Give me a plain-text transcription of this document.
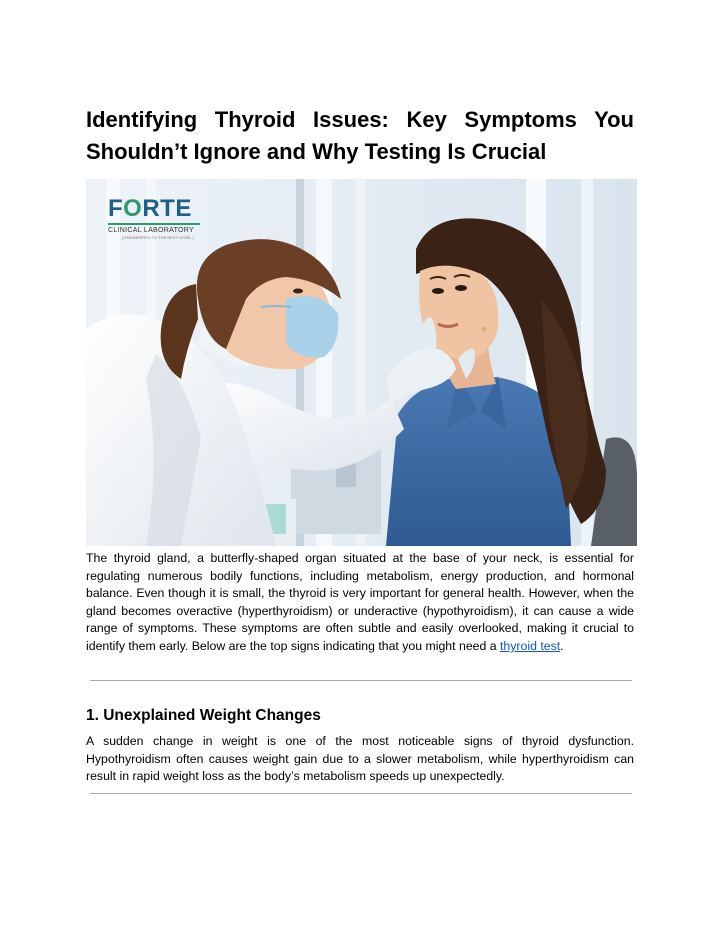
Identifying Thyroid Issues: Key Symptoms You Shouldn’t Ignore and Why Testing Is Crucial
FORTE
CLINICAL LABORATORY
[ ENGINEERED TO THE NEXT LEVEL ]

The thyroid gland, a butterfly-shaped organ situated at the base of your neck, is essential for regulating numerous bodily functions, including metabolism, energy production, and hormonal balance. Even though it is small, the thyroid is very important for general health. However, when the gland becomes overactive (hyperthyroidism) or underactive (hypothyroidism), it can cause a wide range of symptoms. These symptoms are often subtle and easily overlooked, making it crucial to identify them early. Below are the top signs indicating that you might need a thyroid test.

1. Unexplained Weight Changes

A sudden change in weight is one of the most noticeable signs of thyroid dysfunction. Hypothyroidism often causes weight gain due to a slower metabolism, while hyperthyroidism can result in rapid weight loss as the body’s metabolism speeds up unexpectedly.
